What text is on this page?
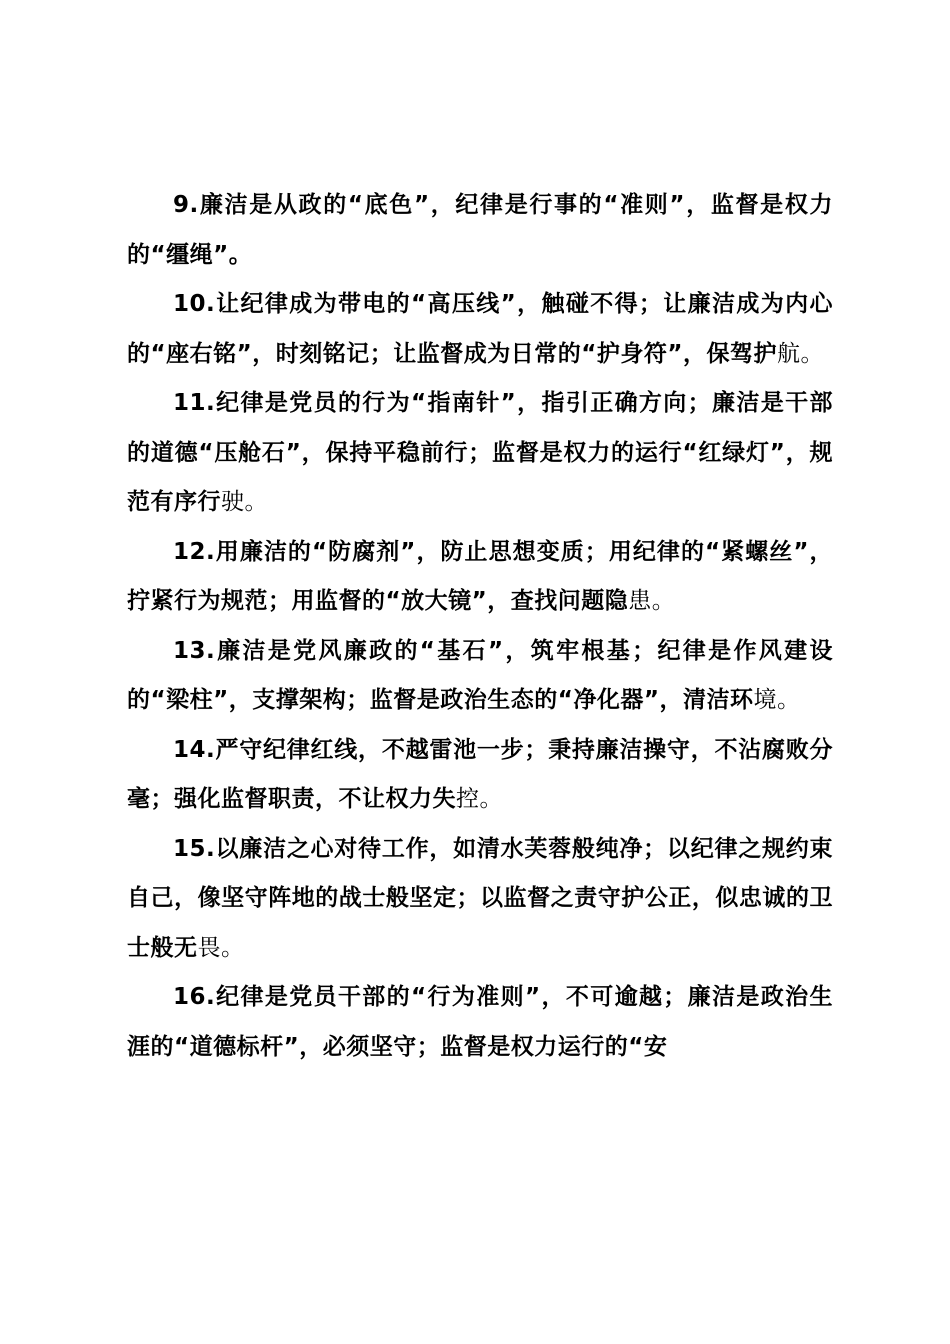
9.廉洁是从政的“底色”，纪律是行事的“准则”，监督是权力的“缰绳”。

10.让纪律成为带电的“高压线”，触碰不得；让廉洁成为内心的“座右铭”，时刻铭记；让监督成为日常的“护身符”，保驾护航。

11.纪律是党员的行为“指南针”，指引正确方向；廉洁是干部的道德“压舱石”，保持平稳前行；监督是权力的运行“红绿灯”，规范有序行驶。

12.用廉洁的“防腐剂”，防止思想变质；用纪律的“紧螺丝”，拧紧行为规范；用监督的“放大镜”，查找问题隐患。

13.廉洁是党风廉政的“基石”，筑牢根基；纪律是作风建设的“梁柱”，支撑架构；监督是政治生态的“净化器”，清洁环境。

14.严守纪律红线，不越雷池一步；秉持廉洁操守，不沾腐败分毫；强化监督职责，不让权力失控。

15.以廉洁之心对待工作，如清水芙蓉般纯净；以纪律之规约束自己，像坚守阵地的战士般坚定；以监督之责守护公正，似忠诚的卫士般无畏。

16.纪律是党员干部的“行为准则”，不可逾越；廉洁是政治生涯的“道德标杆”，必须坚守；监督是权力运行的“安
